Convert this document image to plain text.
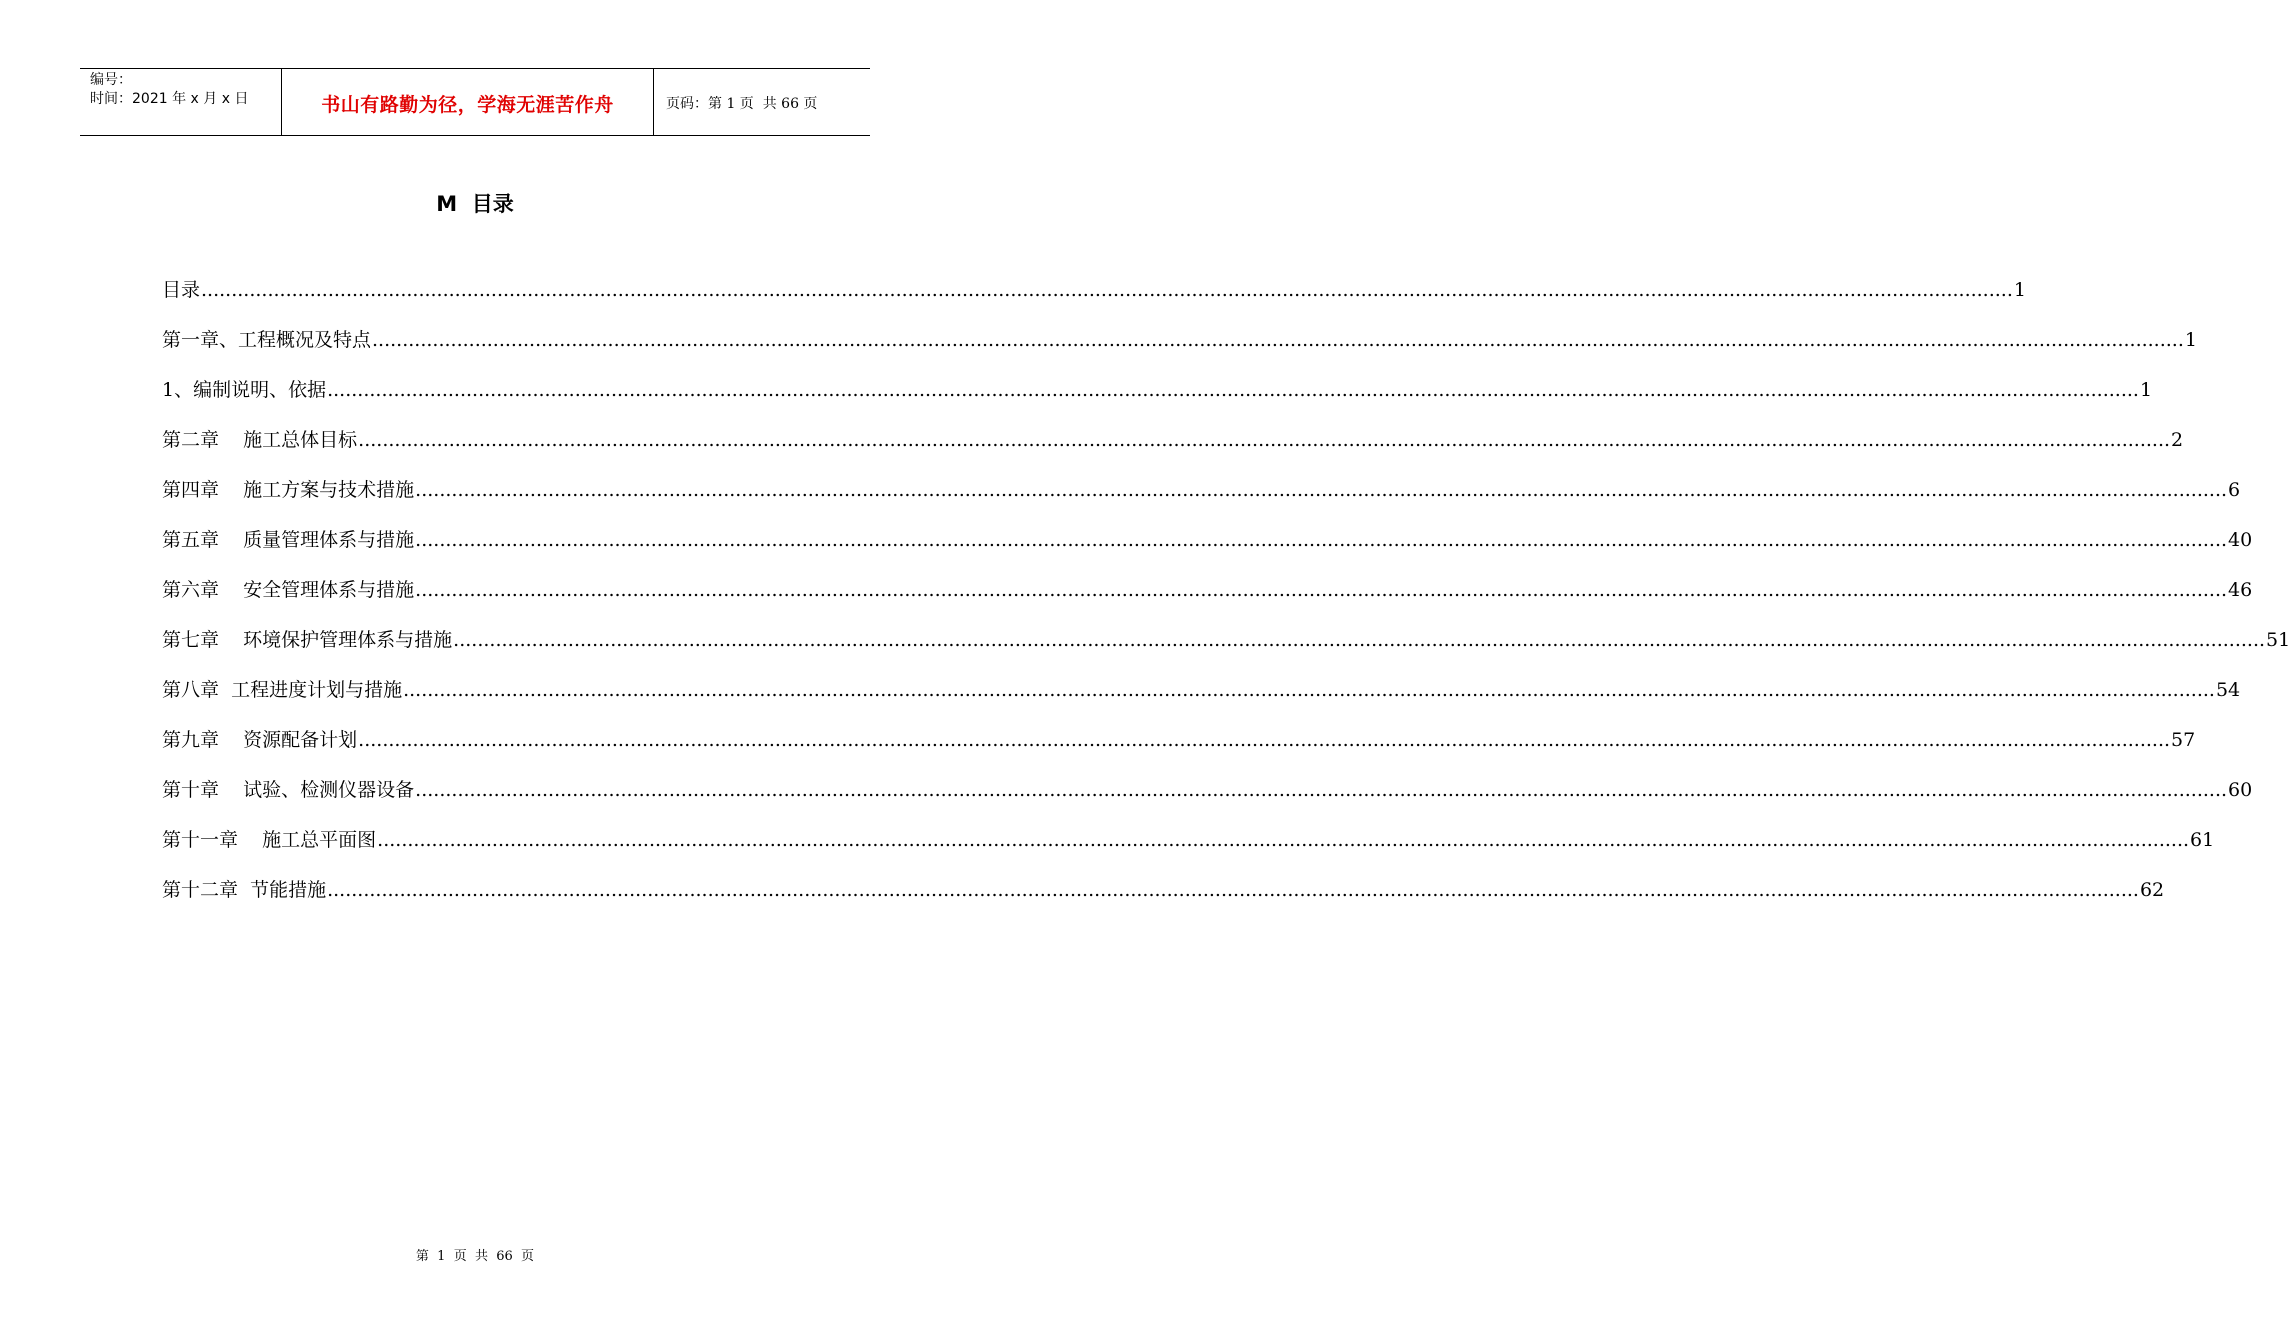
编号：
时间：2021 年 x 月 x 日	书山有路勤为径，学海无涯苦作舟	页码：第 1 页  共 66 页
M  目录
目录 ............................................................................................................................................................................................................................................................................................................ 1
第一章、工程概况及特点 ............................................................................................................................................................................................................................................................................................................ 1
1、编制说明、依据 ............................................................................................................................................................................................................................................................................................................ 1
第二章    施工总体目标 ............................................................................................................................................................................................................................................................................................................ 2
第四章    施工方案与技术措施 ............................................................................................................................................................................................................................................................................................................ 6
第五章    质量管理体系与措施 ............................................................................................................................................................................................................................................................................................................ 40
第六章    安全管理体系与措施 ............................................................................................................................................................................................................................................................................................................ 46
第七章    环境保护管理体系与措施 ............................................................................................................................................................................................................................................................................................................ 51
第八章  工程进度计划与措施 ............................................................................................................................................................................................................................................................................................................ 54
第九章    资源配备计划 ............................................................................................................................................................................................................................................................................................................ 57
第十章    试验、检测仪器设备 ............................................................................................................................................................................................................................................................................................................ 60
第十一章    施工总平面图 ............................................................................................................................................................................................................................................................................................................ 61
第十二章  节能措施 ............................................................................................................................................................................................................................................................................................................ 62
第  1  页  共  66  页
